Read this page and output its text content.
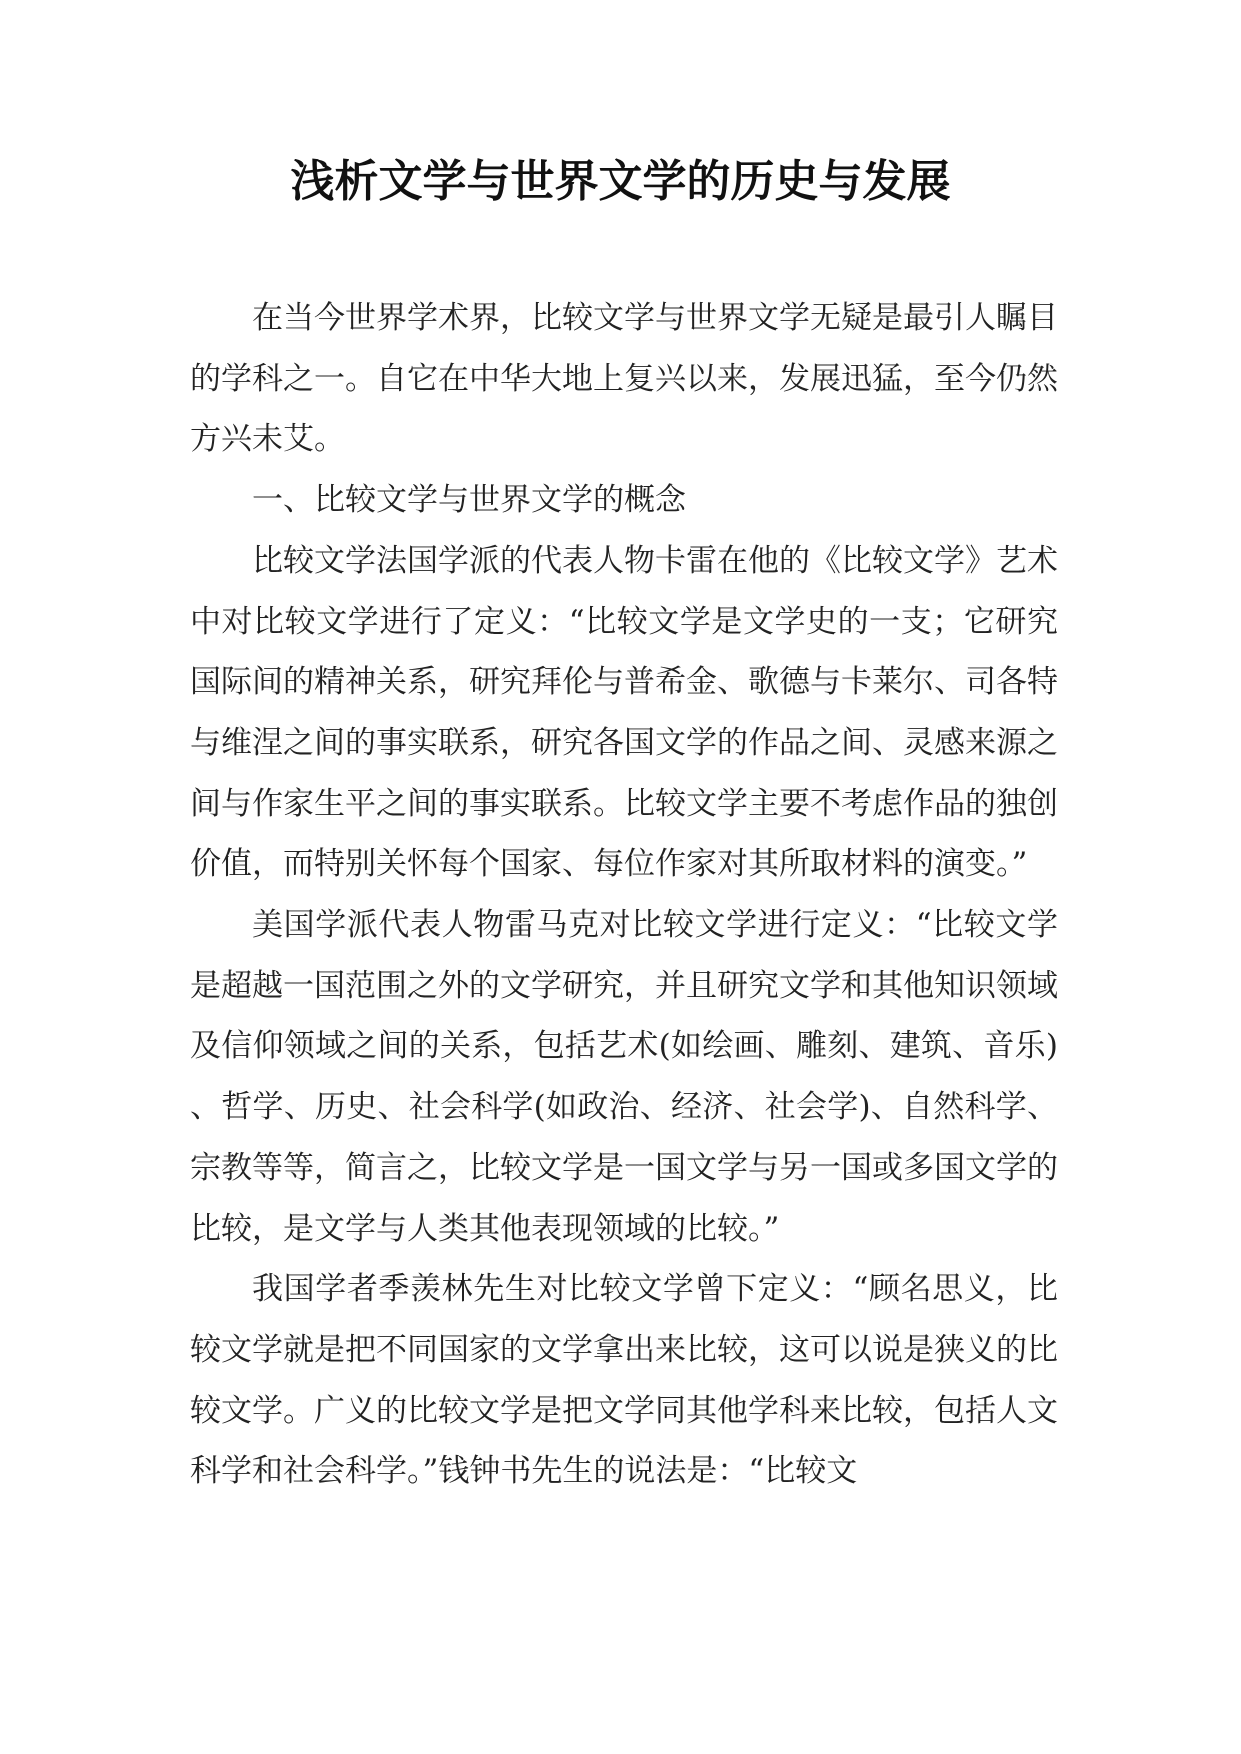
浅析文学与世界文学的历史与发展

在当今世界学术界，比较文学与世界文学无疑是最引人瞩目的学科之一。自它在中华大地上复兴以来，发展迅猛，至今仍然方兴未艾。

一、比较文学与世界文学的概念

比较文学法国学派的代表人物卡雷在他的《比较文学》艺术中对比较文学进行了定义：“比较文学是文学史的一支；它研究国际间的精神关系，研究拜伦与普希金、歌德与卡莱尔、司各特与维涅之间的事实联系，研究各国文学的作品之间、灵感来源之间与作家生平之间的事实联系。比较文学主要不考虑作品的独创价值，而特别关怀每个国家、每位作家对其所取材料的演变。”

美国学派代表人物雷马克对比较文学进行定义：“比较文学是超越一国范围之外的文学研究，并且研究文学和其他知识领域及信仰领域之间的关系，包括艺术(如绘画、雕刻、建筑、音乐)、哲学、历史、社会科学(如政治、经济、社会学)、自然科学、宗教等等，简言之，比较文学是一国文学与另一国或多国文学的比较，是文学与人类其他表现领域的比较。”

我国学者季羡林先生对比较文学曾下定义：“顾名思义，比较文学就是把不同国家的文学拿出来比较，这可以说是狭义的比较文学。广义的比较文学是把文学同其他学科来比较，包括人文科学和社会科学。”钱钟书先生的说法是：“比较文
